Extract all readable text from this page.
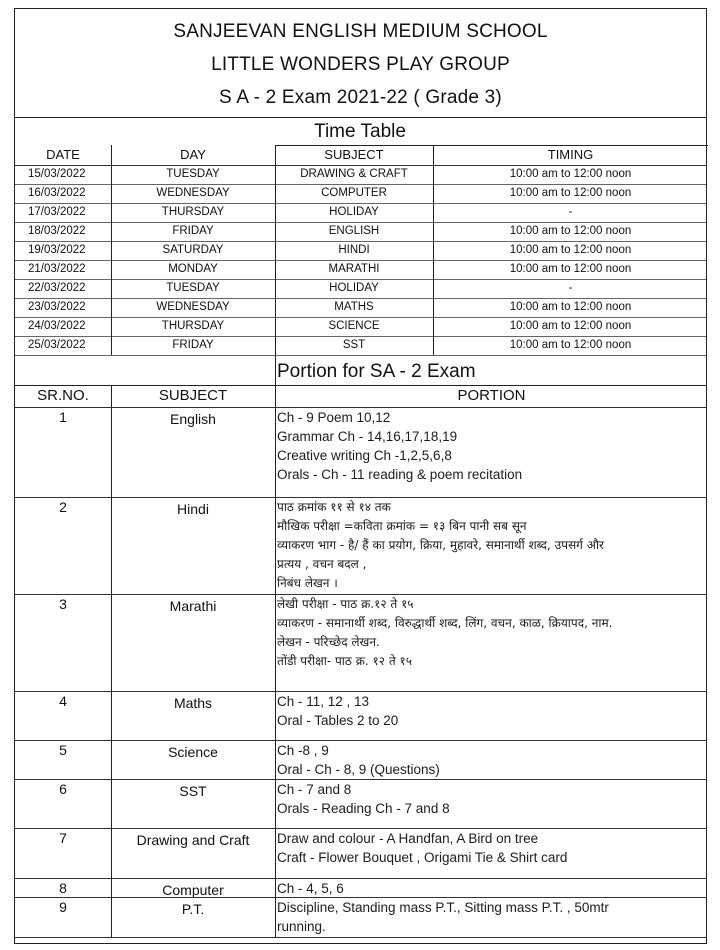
SANJEEVAN ENGLISH MEDIUM SCHOOL
LITTLE WONDERS PLAY GROUP
S A - 2 Exam 2021-22 ( Grade 3)
Time Table
DATE	DAY	SUBJECT	TIMING
15/03/2022	TUESDAY	DRAWING & CRAFT	10:00 am to 12:00 noon
16/03/2022	WEDNESDAY	COMPUTER	10:00 am to 12:00 noon
17/03/2022	THURSDAY	HOLIDAY	-
18/03/2022	FRIDAY	ENGLISH	10:00 am to 12:00 noon
19/03/2022	SATURDAY	HINDI	10:00 am to 12:00 noon
21/03/2022	MONDAY	MARATHI	10:00 am to 12:00 noon
22/03/2022	TUESDAY	HOLIDAY	-
23/03/2022	WEDNESDAY	MATHS	10:00 am to 12:00 noon
24/03/2022	THURSDAY	SCIENCE	10:00 am to 12:00 noon
25/03/2022	FRIDAY	SST	10:00 am to 12:00 noon
Portion for SA - 2 Exam
SR.NO.	SUBJECT	PORTION
1	English	Ch - 9 Poem 10,12
Grammar Ch - 14,16,17,18,19
Creative writing Ch -1,2,5,6,8
Orals - Ch - 11 reading & poem recitation
2	Hindi	पाठ क्रमांक ११ से १४ तक
मौखिक परीक्षा =कविता क्रमांक = १३ बिन पानी सब सून
व्याकरण भाग - है/ हैं का प्रयोग, क्रिया, मुहावरे, समानार्थी शब्द, उपसर्ग और
प्रत्यय , वचन बदल ,
निबंध लेखन ।
3	Marathi	लेखी परीक्षा - पाठ क्र.१२ ते १५
व्याकरण - समानार्थी शब्द, विरुद्धार्थी शब्द, लिंग, वचन, काळ, क्रियापद, नाम.
लेखन - परिच्छेद लेखन.
तोंडी परीक्षा- पाठ क्र. १२ ते १५
4	Maths	Ch - 11, 12 , 13
Oral - Tables 2 to 20
5	Science	Ch -8 , 9
Oral - Ch - 8, 9 (Questions)
6	SST	Ch - 7 and 8
Orals - Reading Ch - 7 and 8
7	Drawing and Craft	Draw and colour - A Handfan, A Bird on tree
Craft - Flower Bouquet , Origami Tie & Shirt card
8	Computer	Ch - 4, 5, 6
9	P.T.	Discipline, Standing mass P.T., Sitting mass P.T. , 50mtr
running.
